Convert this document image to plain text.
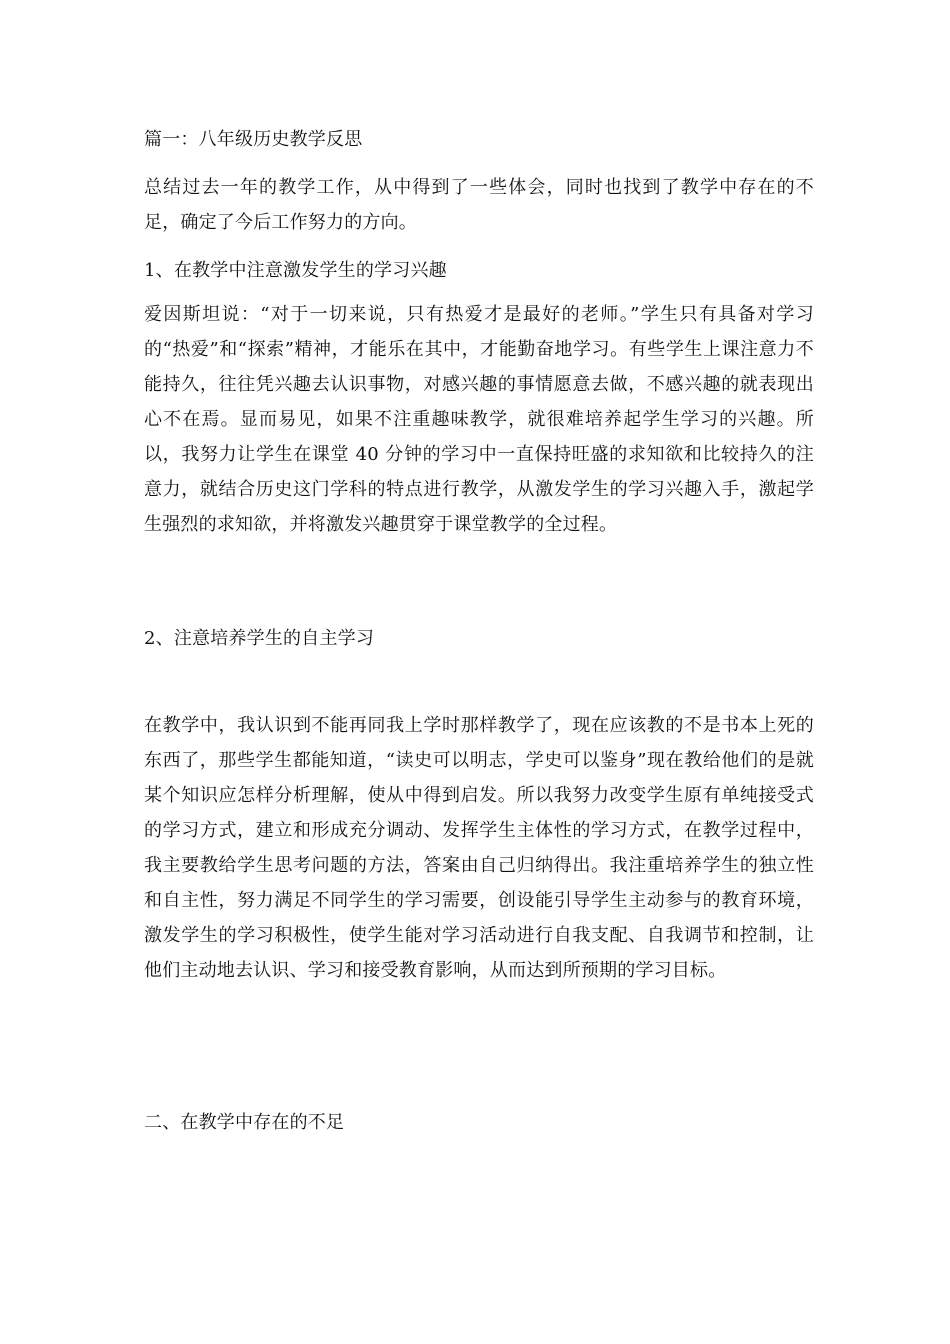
篇一：八年级历史教学反思
总结过去一年的教学工作，从中得到了一些体会，同时也找到了教学中存在的不足，确定了今后工作努力的方向。
1、在教学中注意激发学生的学习兴趣
爱因斯坦说：“对于一切来说，只有热爱才是最好的老师。”学生只有具备对学习的“热爱”和“探索”精神，才能乐在其中，才能勤奋地学习。有些学生上课注意力不能持久，往往凭兴趣去认识事物，对感兴趣的事情愿意去做，不感兴趣的就表现出心不在焉。显而易见，如果不注重趣味教学，就很难培养起学生学习的兴趣。所以，我努力让学生在课堂 40 分钟的学习中一直保持旺盛的求知欲和比较持久的注意力，就结合历史这门学科的特点进行教学，从激发学生的学习兴趣入手，激起学生强烈的求知欲，并将激发兴趣贯穿于课堂教学的全过程。
2、注意培养学生的自主学习
在教学中，我认识到不能再同我上学时那样教学了，现在应该教的不是书本上死的东西了，那些学生都能知道，“读史可以明志，学史可以鉴身”现在教给他们的是就某个知识应怎样分析理解，使从中得到启发。所以我努力改变学生原有单纯接受式的学习方式，建立和形成充分调动、发挥学生主体性的学习方式，在教学过程中，我主要教给学生思考问题的方法，答案由自己归纳得出。我注重培养学生的独立性和自主性，努力满足不同学生的学习需要，创设能引导学生主动参与的教育环境，激发学生的学习积极性，使学生能对学习活动进行自我支配、自我调节和控制，让他们主动地去认识、学习和接受教育影响，从而达到所预期的学习目标。
二、在教学中存在的不足
